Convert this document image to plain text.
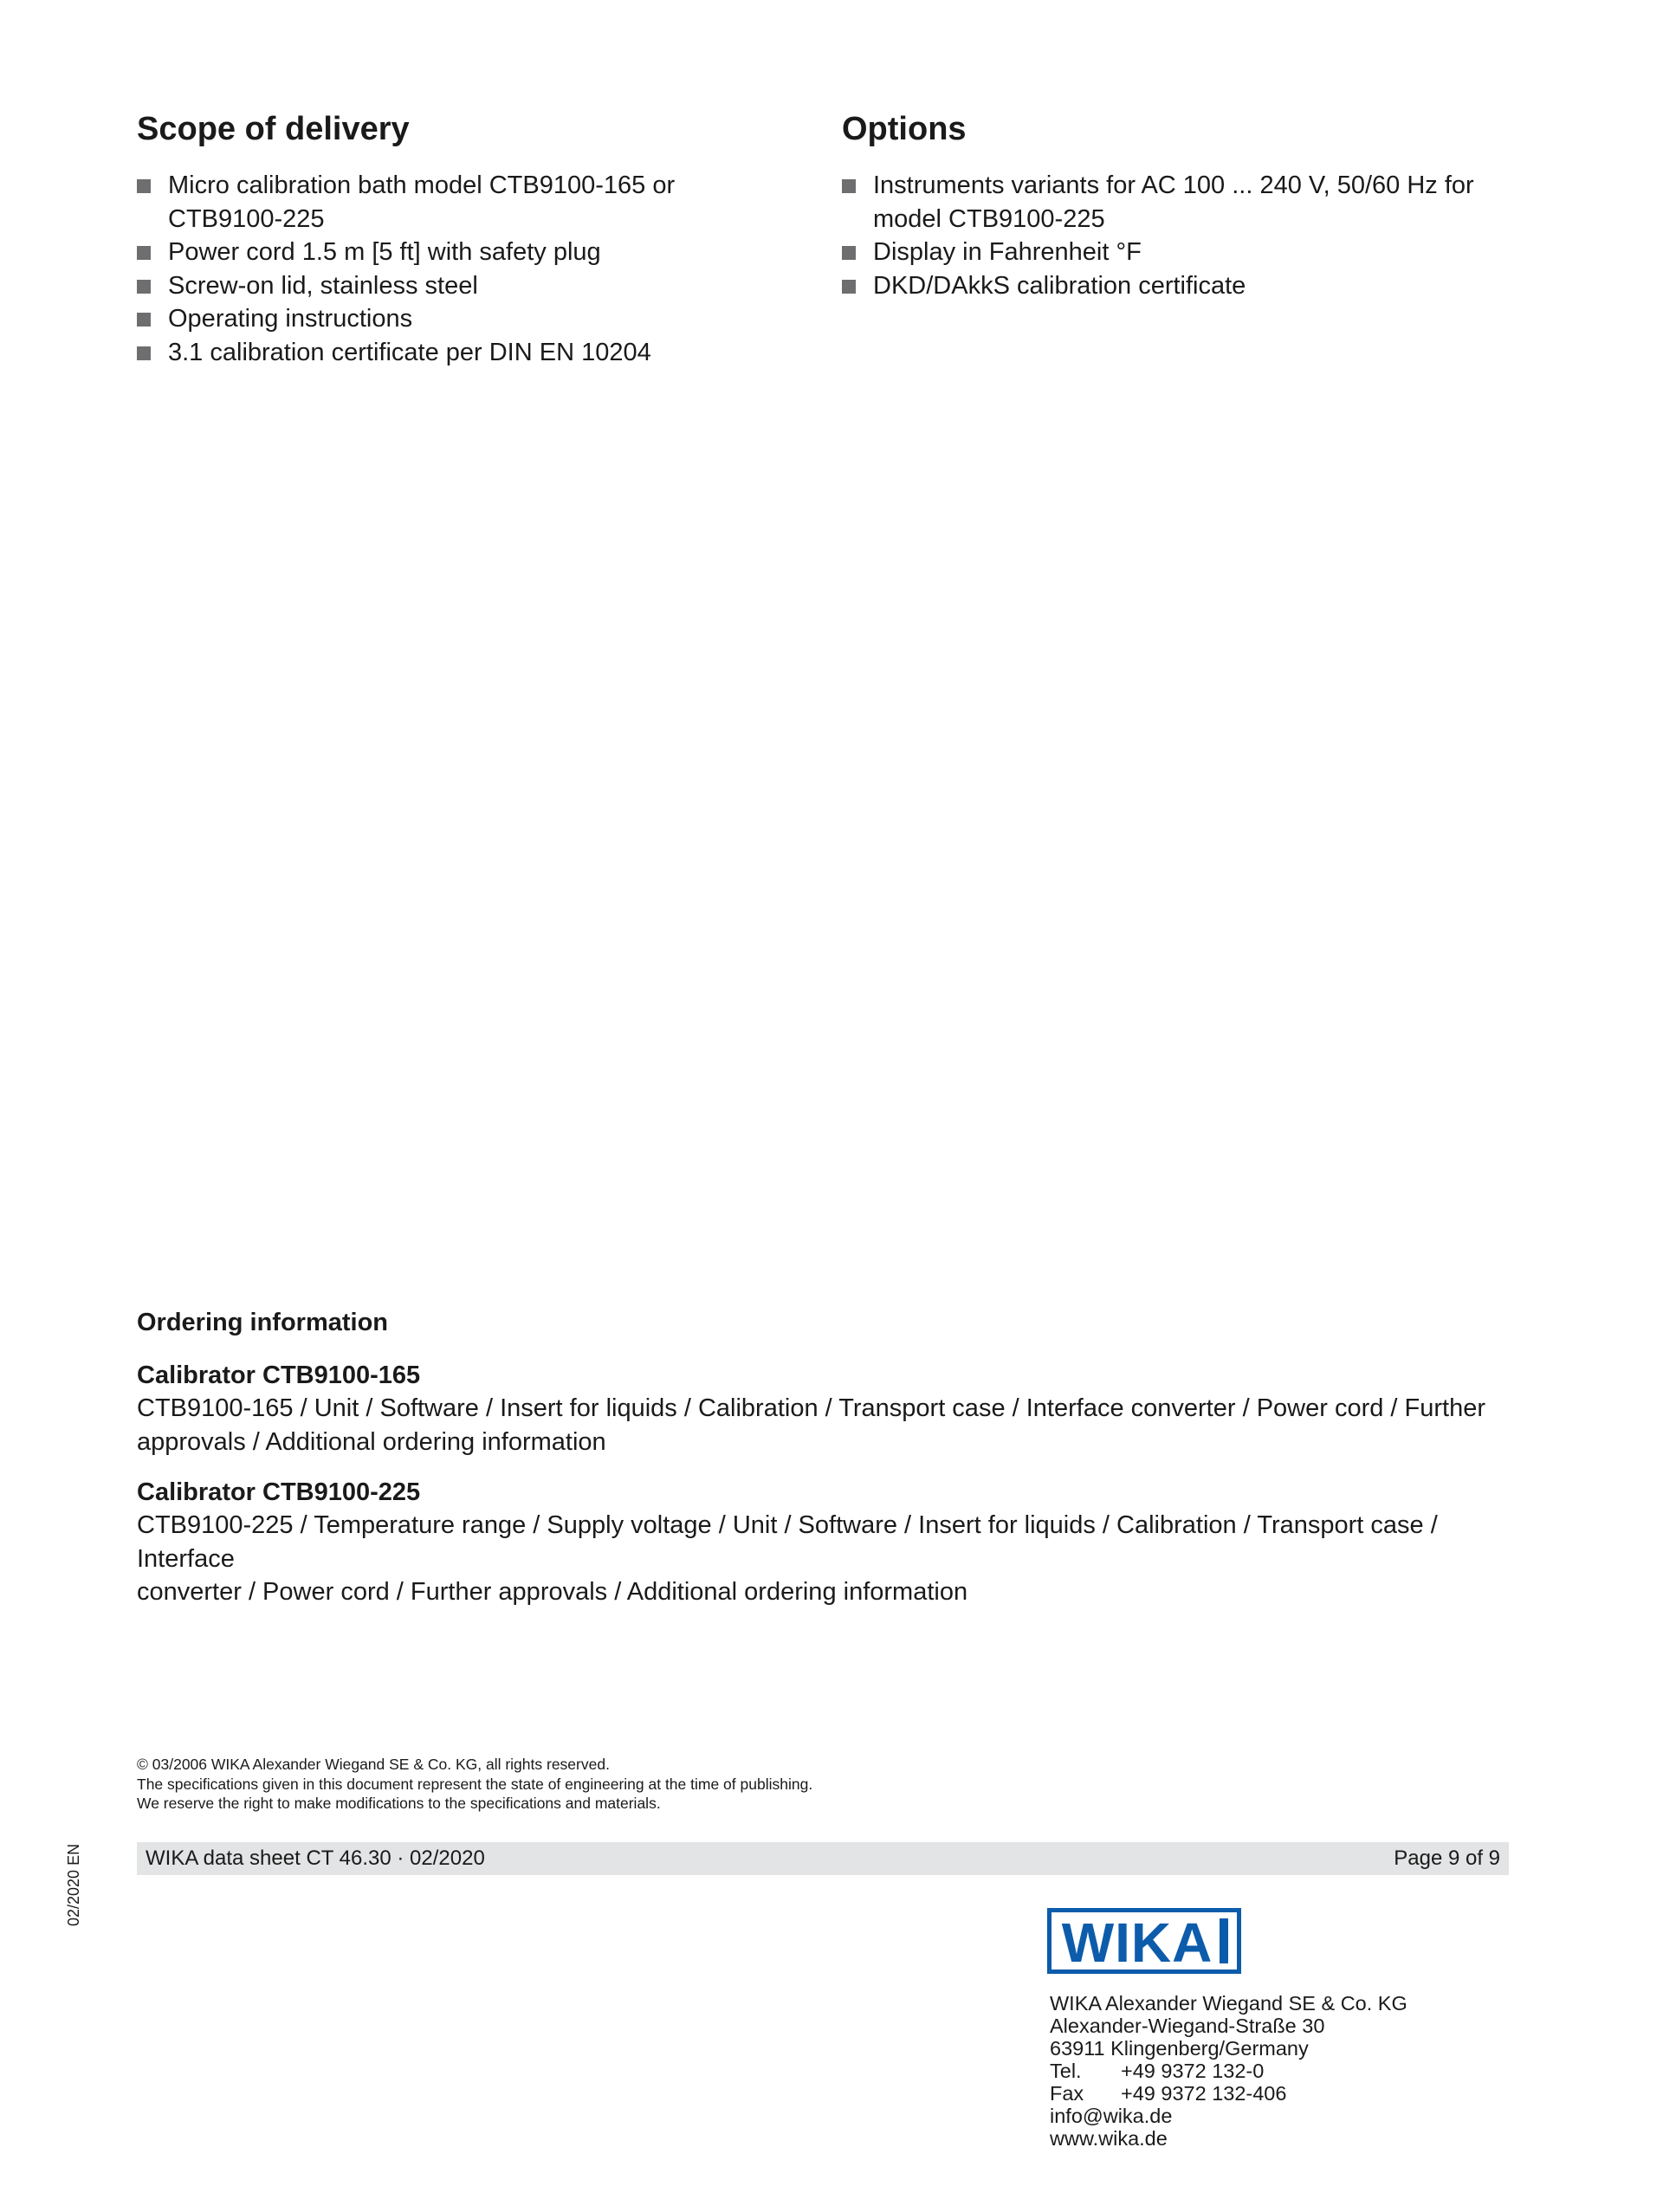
Scope of delivery
Micro calibration bath model CTB9100-165 or
CTB9100-225
Power cord 1.5 m [5 ft] with safety plug
Screw-on lid, stainless steel
Operating instructions
3.1 calibration certificate per DIN EN 10204
Options
Instruments variants for AC 100 ... 240 V, 50/60 Hz for
model CTB9100-225
Display in Fahrenheit °F
DKD/DAkkS calibration certificate
Ordering information
Calibrator CTB9100-165

CTB9100-165 / Unit / Software / Insert for liquids / Calibration / Transport case / Interface converter / Power cord / Further
approvals / Additional ordering information

Calibrator CTB9100-225

CTB9100-225 / Temperature range / Supply voltage / Unit / Software / Insert for liquids / Calibration / Transport case / Interface
converter / Power cord / Further approvals / Additional ordering information

© 03/2006 WIKA Alexander Wiegand SE & Co. KG, all rights reserved.
The specifications given in this document represent the state of engineering at the time of publishing.
We reserve the right to make modifications to the specifications and materials.
WIKA data sheet CT 46.30 · 02/2020	Page 9 of 9
02/2020 EN
WIKA
WIKA Alexander Wiegand SE & Co. KG
Alexander-Wiegand-Straße 30
63911 Klingenberg/Germany
Tel. +49 9372 132-0
Fax +49 9372 132-406
info@wika.de
www.wika.de
